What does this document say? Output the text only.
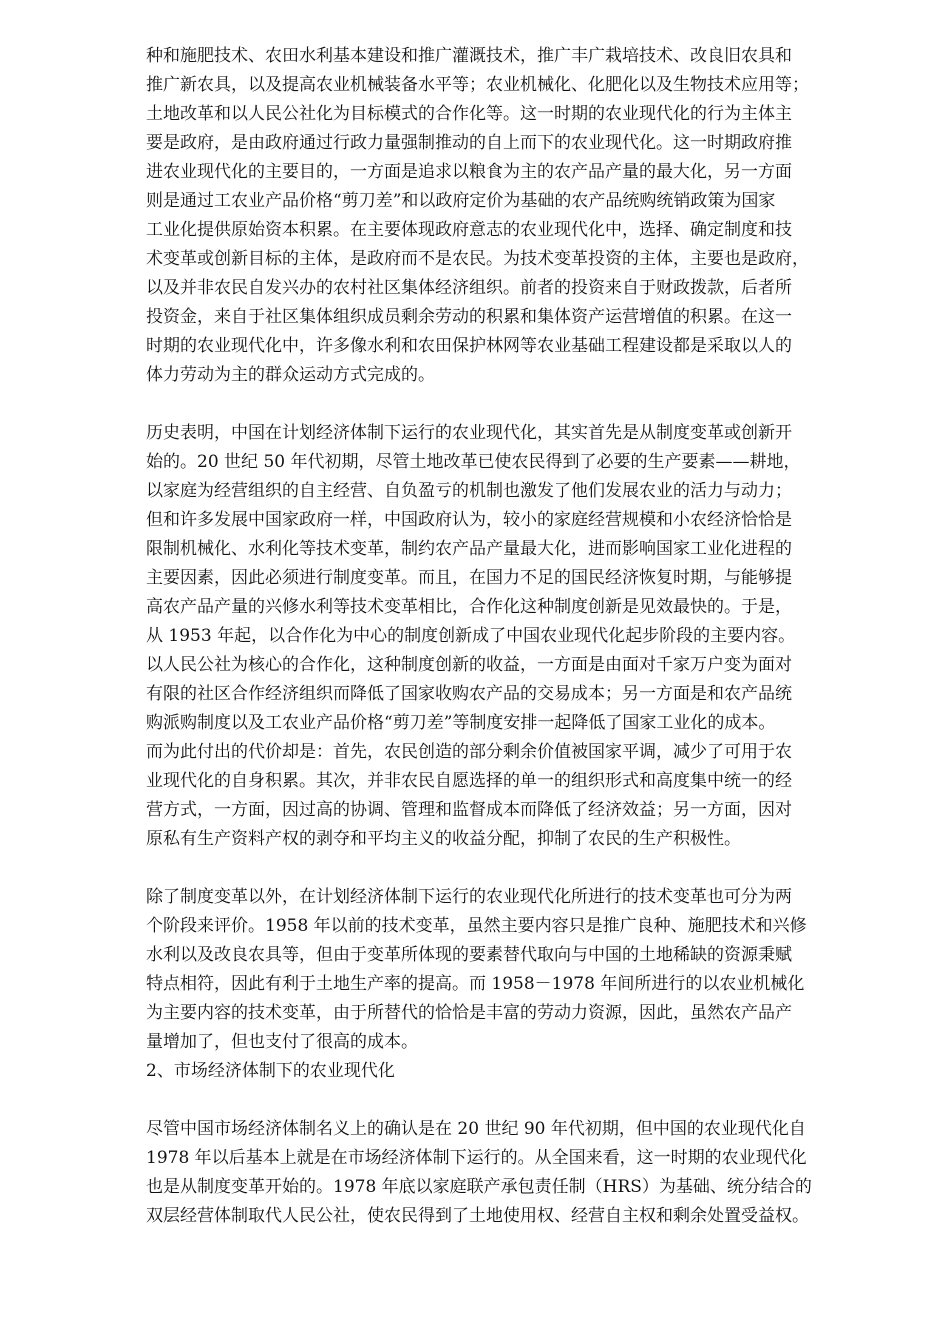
种和施肥技术、农田水利基本建设和推广灌溉技术，推广丰广栽培技术、改良旧农具和
推广新农具，以及提高农业机械装备水平等；农业机械化、化肥化以及生物技术应用等；
土地改革和以人民公社化为目标模式的合作化等。这一时期的农业现代化的行为主体主
要是政府，是由政府通过行政力量强制推动的自上而下的农业现代化。这一时期政府推
进农业现代化的主要目的，一方面是追求以粮食为主的农产品产量的最大化，另一方面
则是通过工农业产品价格“剪刀差”和以政府定价为基础的农产品统购统销政策为国家
工业化提供原始资本积累。在主要体现政府意志的农业现代化中，选择、确定制度和技
术变革或创新目标的主体，是政府而不是农民。为技术变革投资的主体，主要也是政府，
以及并非农民自发兴办的农村社区集体经济组织。前者的投资来自于财政拨款，后者所
投资金，来自于社区集体组织成员剩余劳动的积累和集体资产运营增值的积累。在这一
时期的农业现代化中，许多像水利和农田保护林网等农业基础工程建设都是采取以人的
体力劳动为主的群众运动方式完成的。
历史表明，中国在计划经济体制下运行的农业现代化，其实首先是从制度变革或创新开
始的。20 世纪 50 年代初期，尽管土地改革已使农民得到了必要的生产要素——耕地，
以家庭为经营组织的自主经营、自负盈亏的机制也激发了他们发展农业的活力与动力；
但和许多发展中国家政府一样，中国政府认为，较小的家庭经营规模和小农经济恰恰是
限制机械化、水利化等技术变革，制约农产品产量最大化，进而影响国家工业化进程的
主要因素，因此必须进行制度变革。而且，在国力不足的国民经济恢复时期，与能够提
高农产品产量的兴修水利等技术变革相比，合作化这种制度创新是见效最快的。于是，
从 1953 年起，以合作化为中心的制度创新成了中国农业现代化起步阶段的主要内容。
以人民公社为核心的合作化，这种制度创新的收益，一方面是由面对千家万户变为面对
有限的社区合作经济组织而降低了国家收购农产品的交易成本；另一方面是和农产品统
购派购制度以及工农业产品价格“剪刀差”等制度安排一起降低了国家工业化的成本。
而为此付出的代价却是：首先，农民创造的部分剩余价值被国家平调，减少了可用于农
业现代化的自身积累。其次，并非农民自愿选择的单一的组织形式和高度集中统一的经
营方式，一方面，因过高的协调、管理和监督成本而降低了经济效益；另一方面，因对
原私有生产资料产权的剥夺和平均主义的收益分配，抑制了农民的生产积极性。
除了制度变革以外，在计划经济体制下运行的农业现代化所进行的技术变革也可分为两
个阶段来评价。1958 年以前的技术变革，虽然主要内容只是推广良种、施肥技术和兴修
水利以及改良农具等，但由于变革所体现的要素替代取向与中国的土地稀缺的资源秉赋
特点相符，因此有利于土地生产率的提高。而 1958－1978 年间所进行的以农业机械化
为主要内容的技术变革，由于所替代的恰恰是丰富的劳动力资源，因此，虽然农产品产
量增加了，但也支付了很高的成本。
2、市场经济体制下的农业现代化
尽管中国市场经济体制名义上的确认是在 20 世纪 90 年代初期，但中国的农业现代化自
1978 年以后基本上就是在市场经济体制下运行的。从全国来看，这一时期的农业现代化
也是从制度变革开始的。1978 年底以家庭联产承包责任制（HRS）为基础、统分结合的
双层经营体制取代人民公社，使农民得到了土地使用权、经营自主权和剩余处置受益权。
